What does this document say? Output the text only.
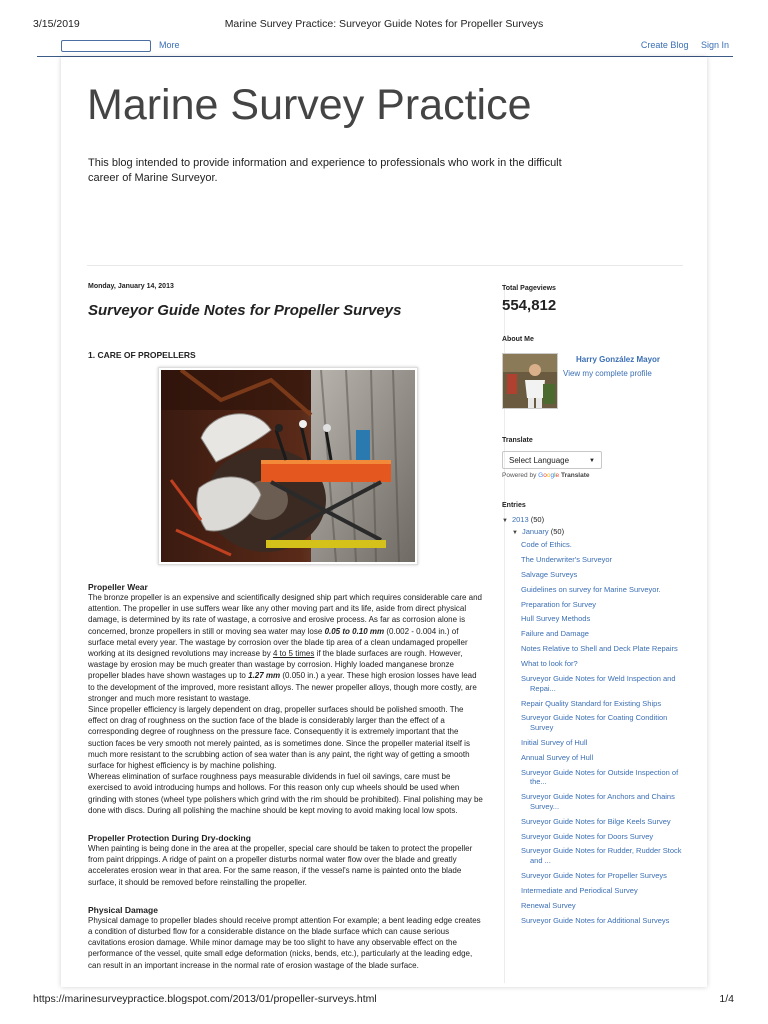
3/15/2019	Marine Survey Practice: Surveyor Guide Notes for Propeller Surveys
More	Create Blog Sign In
Marine Survey Practice
This blog intended to provide information and experience to professionals who work in the difficult career of Marine Surveyor.

Monday, January 14, 2013

Surveyor Guide Notes for Propeller Surveys

1. CARE OF PROPELLERS

Propeller Wear

The bronze propeller is an expensive and scientifically designed ship part which requires considerable care and attention. The propeller in use suffers wear like any other moving part and its life, aside from direct physical damage, is determined by its rate of wastage, a corrosive and erosive process. As far as corrosion alone is concerned, bronze propellers in still or moving sea water may lose 0.05 to 0.10 mm (0.002 - 0.004 in.) of surface metal every year. The wastage by corrosion over the blade tip area of a clean undamaged propeller working at its designed revolutions may increase by 4 to 5 times if the blade surfaces are rough. However, wastage by erosion may be much greater than wastage by corrosion. Highly loaded manganese bronze propeller blades have shown wastages up to 1.27 mm (0.050 in.) a year. These high erosion losses have lead to the development of the improved, more resistant alloys. The newer propeller alloys, though more costly, are stronger and much more resistant to wastage.

Since propeller efficiency is largely dependent on drag, propeller surfaces should be polished smooth. The effect on drag of roughness on the suction face of the blade is considerably larger than the effect of a corresponding degree of roughness on the pressure face. Consequently it is extremely important that the suction faces be very smooth not merely painted, as is sometimes done. Since the propeller material itself is much more resistant to the scrubbing action of sea water than is any paint, the right way of getting a smooth surface for highest efficiency is by machine polishing.

Whereas elimination of surface roughness pays measurable dividends in fuel oil savings, care must be exercised to avoid introducing humps and hollows. For this reason only cup wheels should be used when grinding with stones (wheel type polishers which grind with the rim should be prohibited). Final polishing may be done with discs. During all polishing the machine should be kept moving to avoid making local low spots.

Propeller Protection During Dry-docking

When painting is being done in the area at the propeller, special care should be taken to protect the propeller from paint drippings. A ridge of paint on a propeller disturbs normal water flow over the blade and greatly accelerates erosion wear in that area. For the same reason, if the vessel's name is painted onto the blade surface, it should be removed before reinstalling the propeller.

Physical Damage

Physical damage to propeller blades should receive prompt attention For example; a bent leading edge creates a condition of disturbed flow for a considerable distance on the blade surface which can cause serious cavitations erosion damage. While minor damage may be too slight to have any observable effect on the performance of the vessel, quite small edge deformation (nicks, bends, etc.), particularly at the leading edge, can result in an important increase in the normal rate of erosion wastage of the blade surface.

Total Pageviews

554,812

About Me

Harry González Mayor
View my complete profile

Translate

Select Language	▼
Powered by Google Translate

Entries

▼ 2013 (50)
▼ January (50)
Code of Ethics.
The Underwriter's Surveyor
Salvage Surveys
Guidelines on survey for Marine Surveyor.
Preparation for Survey
Hull Survey Methods
Failure and Damage
Notes Relative to Shell and Deck Plate Repairs
What to look for?
Surveyor Guide Notes for Weld Inspection and Repai...
Repair Quality Standard for Existing Ships
Surveyor Guide Notes for Coating Condition Survey
Initial Survey of Hull
Annual Survey of Hull
Surveyor Guide Notes for Outside Inspection of the...
Surveyor Guide Notes for Anchors and Chains Survey...
Surveyor Guide Notes for Bilge Keels Survey
Surveyor Guide Notes for Doors Survey
Surveyor Guide Notes for Rudder, Rudder Stock and ...
Surveyor Guide Notes for Propeller Surveys
Intermediate and Periodical Survey
Renewal Survey
Surveyor Guide Notes for Additional Surveys
https://marinesurveypractice.blogspot.com/2013/01/propeller-surveys.html	1/4
